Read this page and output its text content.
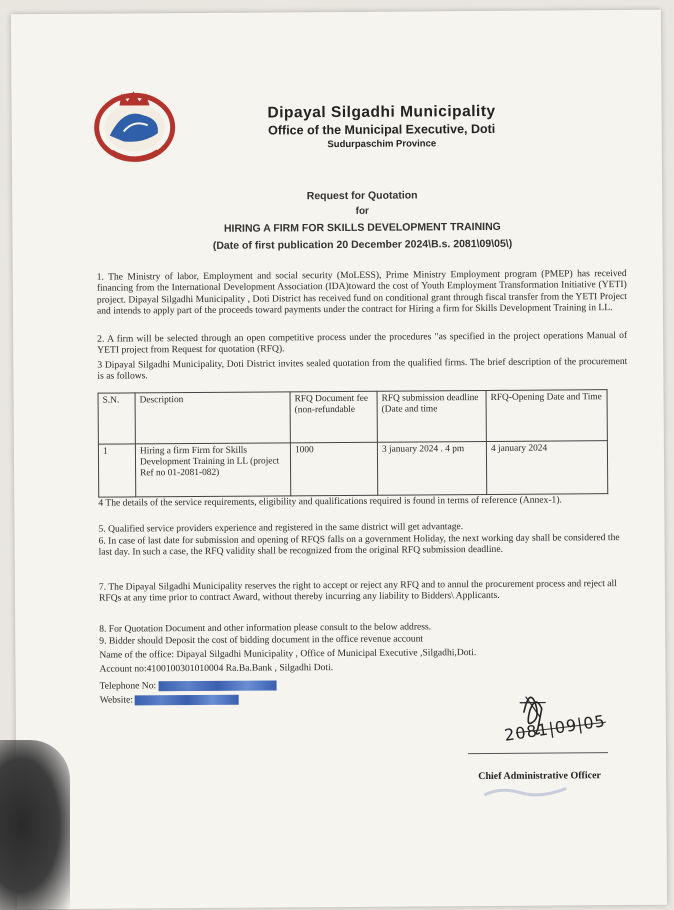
Dipayal Silgadhi Municipality
Office of the Municipal Executive, Doti
Sudurpaschim Province
Request for Quotation
for
HIRING A FIRM FOR SKILLS DEVELOPMENT TRAINING
(Date of first publication 20 December 2024\B.s. 2081\09\05\)
1. The Ministry of labor, Employment and social security (MoLESS), Prime Ministry Employment program (PMEP) has received financing from the International Development Association (IDA)toward the cost of Youth Employment Transformation Initiative (YETI) project. Dipayal Silgadhi Municipality , Doti District has received fund on conditional grant through fiscal transfer from the YETI Project and intends to apply part of the proceeds toward payments under the contract for Hiring a firm for Skills Development Training in LL.
2. A firm will be selected through an open competitive process under the procedures "as specified in the project operations Manual of YETI project from Request for quotation (RFQ).
3 Dipayal Silgadhi Municipality, Doti District invites sealed quotation from the qualified firms. The brief description of the procurement is as follows.
S.N.	Description	RFQ Document fee (non-refundable	RFQ submission deadline (Date and time	RFQ-Opening Date and Time
1	Hiring a firm Firm for Skills Development Training in LL (project Ref no 01-2081-082)	1000	3 january 2024 . 4 pm	4 january 2024
4 The details of the service requirements, eligibility and qualifications required is found in terms of reference (Annex-1).
5. Qualified service providers experience and registered in the same district will get advantage.
6. In case of last date for submission and opening of RFQS falls on a government Holiday, the next working day shall be considered the last day. In such a case, the RFQ validity shall be recognized from the original RFQ submission deadline.
7. The Dipayal Silgadhi Municipality reserves the right to accept or reject any RFQ and to annul the procurement process and reject all RFQs at any time prior to contract Award, without thereby incurring any liability to Bidders\ Applicants.
8. For Quotation Document and other information please consult to the below address.
9. Bidder should Deposit the cost of bidding document in the office revenue account
Name of the office: Dipayal Silgadhi Municipality , Office of Municipal Executive ,Silgadhi,Doti.
Account no:4100100301010004 Ra.Ba.Bank , Silgadhi Doti.
Telephone No:
Website:
2081|09|05
Chief Administrative Officer
